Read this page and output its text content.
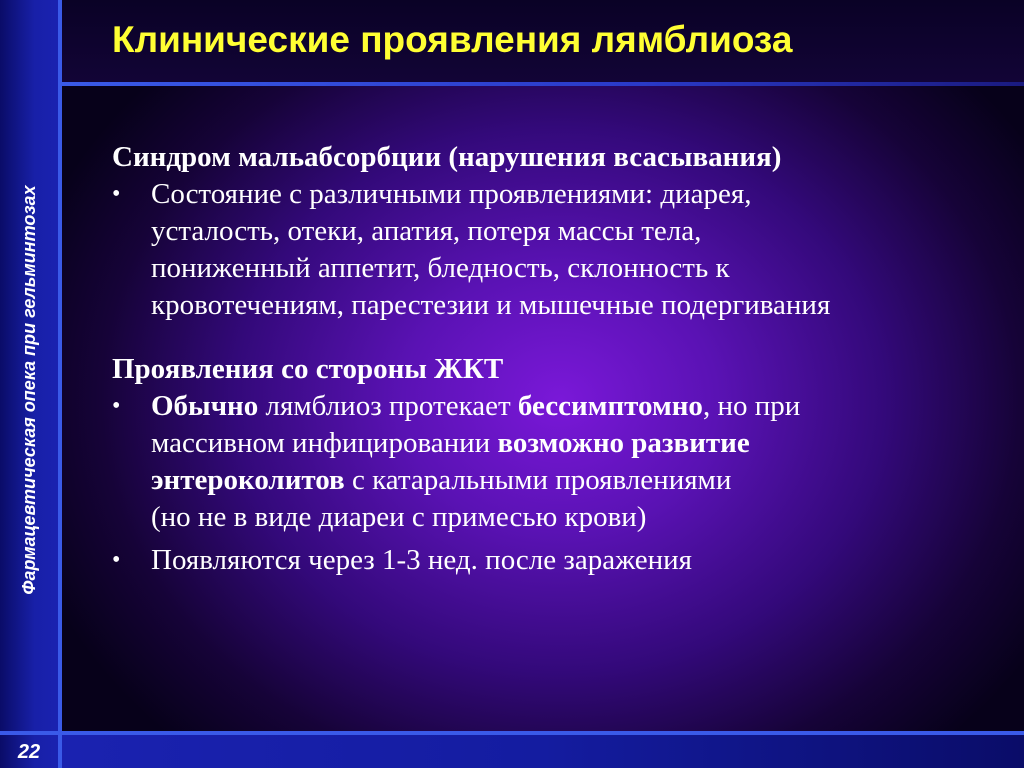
Фармацевтическая опека при гельминтозах
22
Клинические проявления лямблиоза
Синдром мальабсорбции (нарушения всасывания)
• Состояние с различными проявлениями: диарея,
усталость, отеки, апатия, потеря массы тела,
пониженный аппетит, бледность, склонность к
кровотечениям, парестезии и мышечные подергивания
Проявления со стороны ЖКТ
• Обычно лямблиоз протекает бессимптомно, но при
массивном инфицировании возможно развитие
энтероколитов с катаральными проявлениями
(но не в виде диареи с примесью крови)
• Появляются через 1-3 нед. после заражения
